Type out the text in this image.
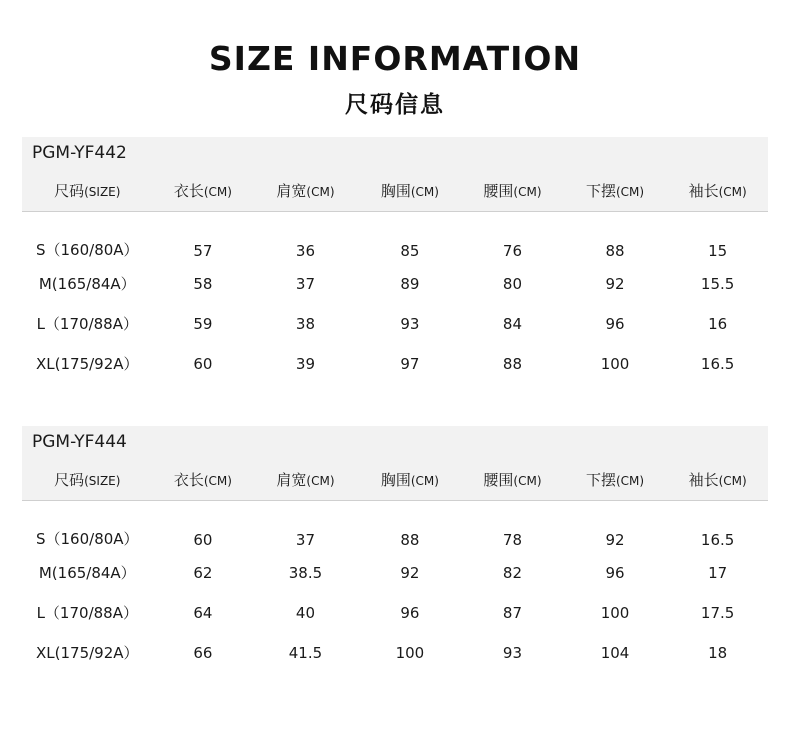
SIZE INFORMATION
尺码信息
PGM-YF442
尺码(SIZE)	衣长(CM)	肩宽(CM)	胸围(CM)	腰围(CM)	下摆(CM)	袖长(CM)
S（160/80A）	57	36	85	76	88	15
M(165/84A）	58	37	89	80	92	15.5
L（170/88A）	59	38	93	84	96	16
XL(175/92A）	60	39	97	88	100	16.5
PGM-YF444
尺码(SIZE)	衣长(CM)	肩宽(CM)	胸围(CM)	腰围(CM)	下摆(CM)	袖长(CM)
S（160/80A）	60	37	88	78	92	16.5
M(165/84A）	62	38.5	92	82	96	17
L（170/88A）	64	40	96	87	100	17.5
XL(175/92A）	66	41.5	100	93	104	18
